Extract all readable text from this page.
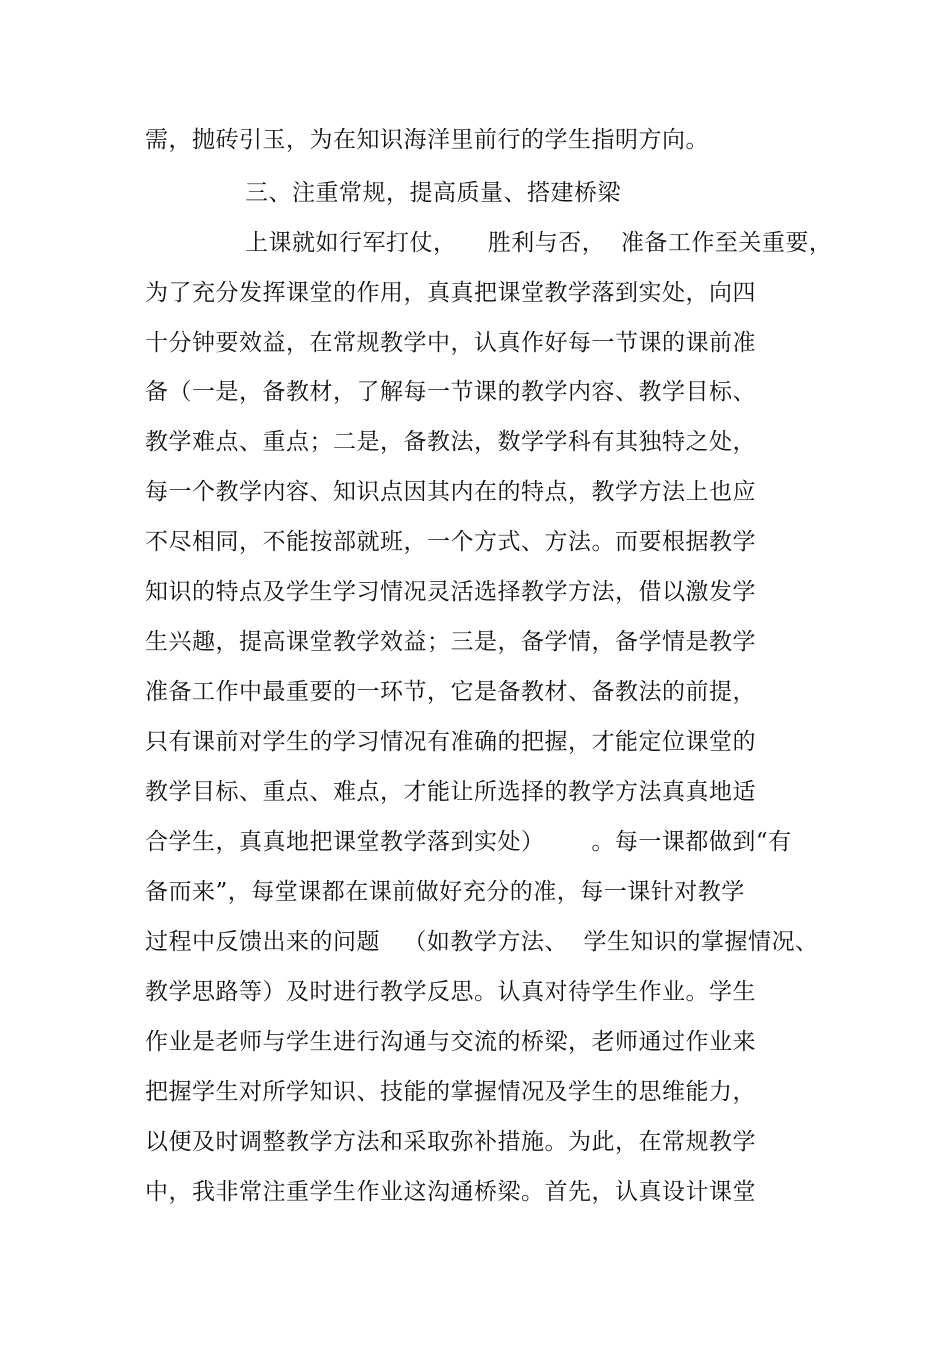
需，抛砖引玉，为在知识海洋里前行的学生指明方向。
三、注重常规，提高质量、搭建桥梁
上课就如行军打仗，    胜利与否，  准备工作至关重要，
为了充分发挥课堂的作用，真真把课堂教学落到实处，向四
十分钟要效益，在常规教学中，认真作好每一节课的课前准
备（一是，备教材，了解每一节课的教学内容、教学目标、
教学难点、重点；二是，备教法，数学学科有其独特之处，
每一个教学内容、知识点因其内在的特点，教学方法上也应
不尽相同，不能按部就班，一个方式、方法。而要根据教学
知识的特点及学生学习情况灵活选择教学方法，借以激发学
生兴趣，提高课堂教学效益；三是，备学情，备学情是教学
准备工作中最重要的一环节，它是备教材、备教法的前提，
只有课前对学生的学习情况有准确的把握，才能定位课堂的
教学目标、重点、难点，才能让所选择的教学方法真真地适
合学生，真真地把课堂教学落到实处）      。每一课都做到“有
备而来”，每堂课都在课前做好充分的准，每一课针对教学
过程中反馈出来的问题   （如教学方法、  学生知识的掌握情况、
教学思路等）及时进行教学反思。认真对待学生作业。学生
作业是老师与学生进行沟通与交流的桥梁，老师通过作业来
把握学生对所学知识、技能的掌握情况及学生的思维能力，
以便及时调整教学方法和采取弥补措施。为此，在常规教学
中，我非常注重学生作业这沟通桥梁。首先，认真设计课堂
